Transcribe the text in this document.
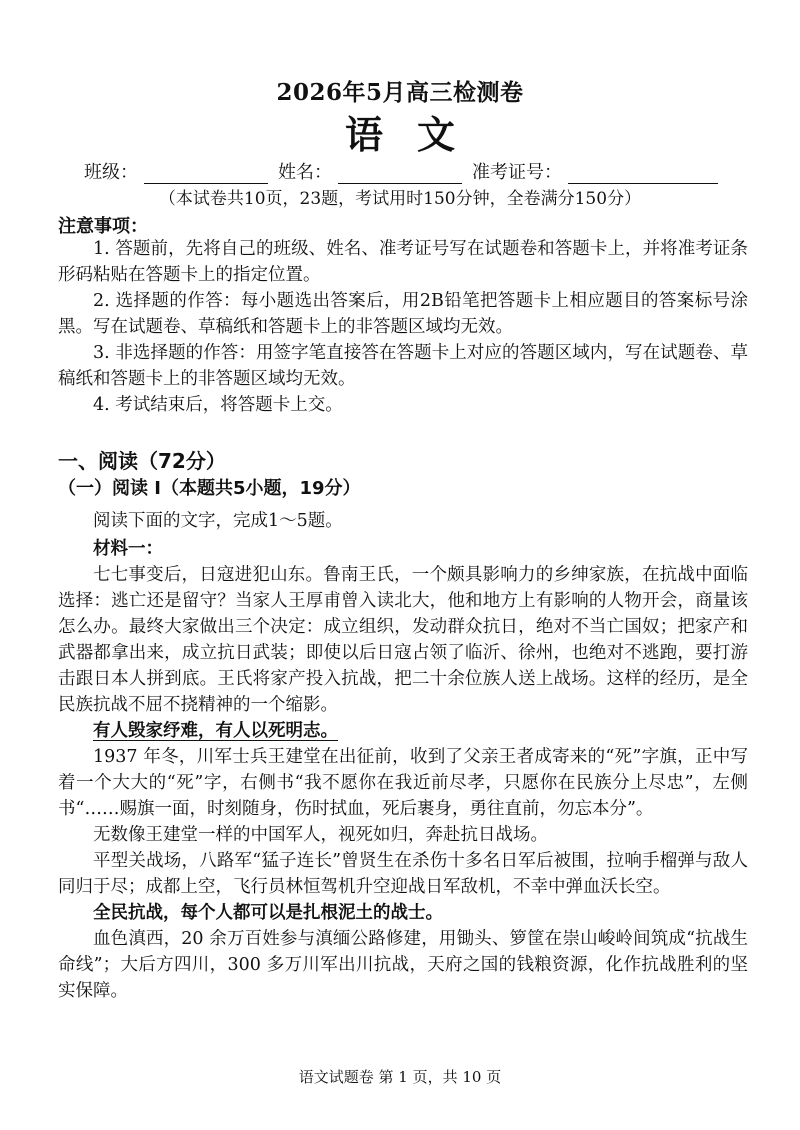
2026年5月高三检测卷
语文
班级：	姓名：	准考证号：
（本试卷共10页，23题，考试用时150分钟，全卷满分150分）
注意事项：

1. 答题前，先将自己的班级、姓名、准考证号写在试题卷和答题卡上，并将准考证条形码粘贴在答题卡上的指定位置。

2. 选择题的作答：每小题选出答案后，用2B铅笔把答题卡上相应题目的答案标号涂黑。写在试题卷、草稿纸和答题卡上的非答题区域均无效。

3. 非选择题的作答：用签字笔直接答在答题卡上对应的答题区域内，写在试题卷、草稿纸和答题卡上的非答题区域均无效。

4. 考试结束后，将答题卡上交。

一、阅读（72分）
（一）阅读 I（本题共5小题，19分）
阅读下面的文字，完成1～5题。
材料一：

七七事变后，日寇进犯山东。鲁南王氏，一个颇具影响力的乡绅家族，在抗战中面临选择：逃亡还是留守？当家人王厚甫曾入读北大，他和地方上有影响的人物开会，商量该怎么办。最终大家做出三个决定：成立组织，发动群众抗日，绝对不当亡国奴；把家产和武器都拿出来，成立抗日武装；即使以后日寇占领了临沂、徐州，也绝对不逃跑，要打游击跟日本人拼到底。王氏将家产投入抗战，把二十余位族人送上战场。这样的经历，是全民族抗战不屈不挠精神的一个缩影。

有人毁家纾难，有人以死明志。

1937 年冬，川军士兵王建堂在出征前，收到了父亲王者成寄来的“死”字旗，正中写着一个大大的“死”字，右侧书“我不愿你在我近前尽孝，只愿你在民族分上尽忠”，左侧书“……赐旗一面，时刻随身，伤时拭血，死后裹身，勇往直前，勿忘本分”。

无数像王建堂一样的中国军人，视死如归，奔赴抗日战场。

平型关战场，八路军“猛子连长”曾贤生在杀伤十多名日军后被围，拉响手榴弹与敌人同归于尽；成都上空，飞行员林恒驾机升空迎战日军敌机，不幸中弹血沃长空。

全民抗战，每个人都可以是扎根泥土的战士。

血色滇西，20 余万百姓参与滇缅公路修建，用锄头、箩筐在崇山峻岭间筑成“抗战生命线”；大后方四川，300 多万川军出川抗战，天府之国的钱粮资源，化作抗战胜利的坚实保障。

语文试题卷 第 1 页，共 10 页
